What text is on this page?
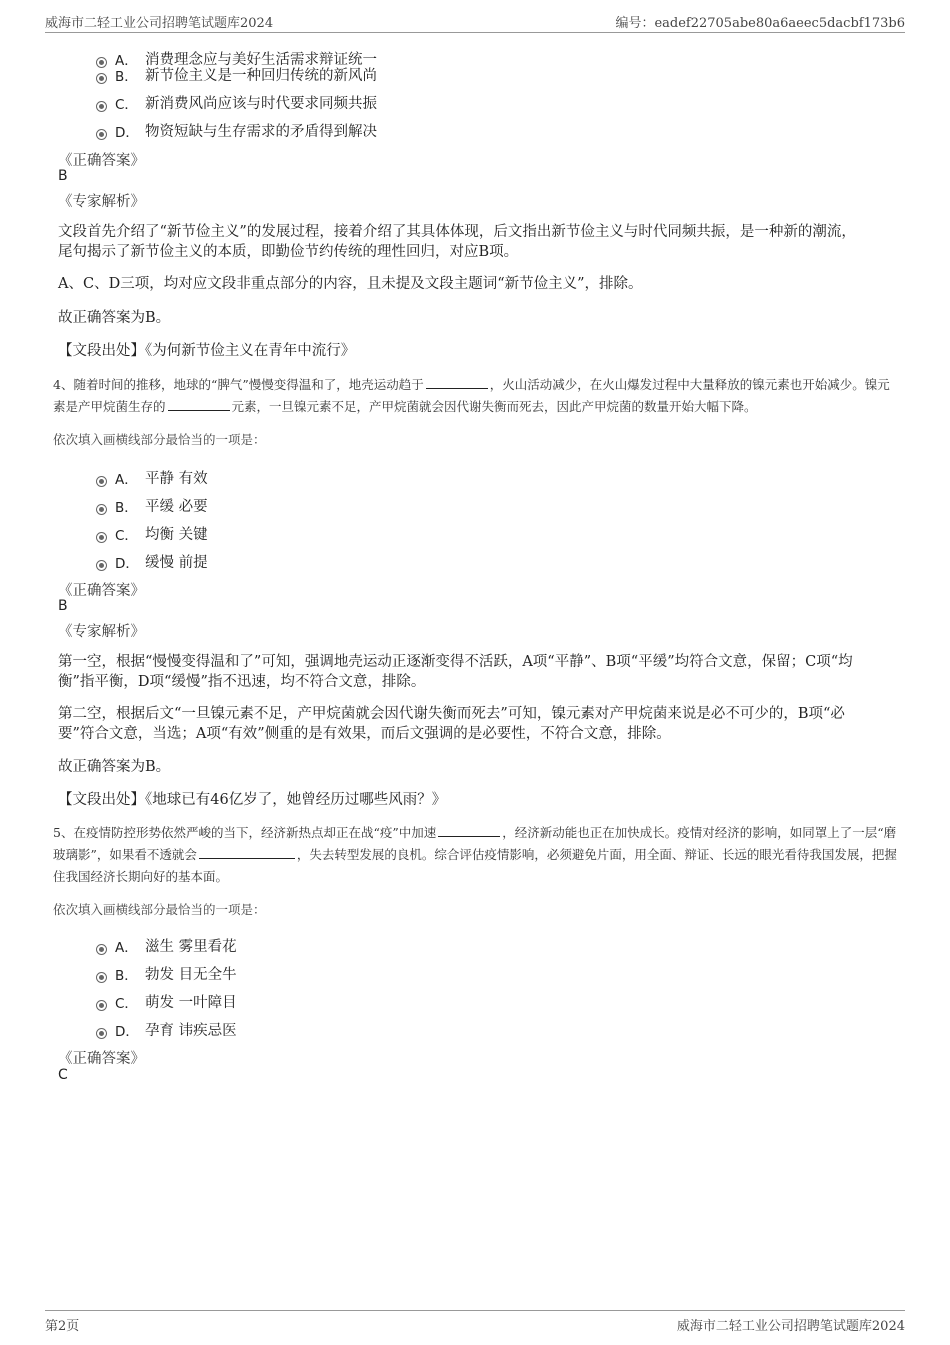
威海市二轻工业公司招聘笔试题库2024	编号：eadef22705abe80a6aeec5dacbf173b6
A． 消费理念应与美好生活需求辩证统一
B． 新节俭主义是一种回归传统的新风尚
C． 新消费风尚应该与时代要求同频共振
D． 物资短缺与生存需求的矛盾得到解决
《正确答案》
B
《专家解析》
文段首先介绍了“新节俭主义”的发展过程，接着介绍了其具体体现，后文指出新节俭主义与时代同频共振，是一种新的潮流，尾句揭示了新节俭主义的本质，即勤俭节约传统的理性回归，对应B项。
A、C、D三项，均对应文段非重点部分的内容，且未提及文段主题词“新节俭主义”，排除。
故正确答案为B。
【文段出处】《为何新节俭主义在青年中流行》
4、随着时间的推移，地球的“脾气”慢慢变得温和了，地壳运动趋于	，火山活动减少，在火山爆发过程中大量释放的镍元素也开始减少。镍元素是产甲烷菌生存的	元素，一旦镍元素不足，产甲烷菌就会因代谢失衡而死去，因此产甲烷菌的数量开始大幅下降。
依次填入画横线部分最恰当的一项是：
A． 平静 有效
B． 平缓 必要
C． 均衡 关键
D． 缓慢 前提
《正确答案》
B
《专家解析》
第一空，根据“慢慢变得温和了”可知，强调地壳运动正逐渐变得不活跃，A项“平静”、B项“平缓”均符合文意，保留；C项“均衡”指平衡，D项“缓慢”指不迅速，均不符合文意，排除。
第二空，根据后文“一旦镍元素不足，产甲烷菌就会因代谢失衡而死去”可知，镍元素对产甲烷菌来说是必不可少的，B项“必要”符合文意，当选；A项“有效”侧重的是有效果，而后文强调的是必要性，不符合文意，排除。
故正确答案为B。
【文段出处】《地球已有46亿岁了，她曾经历过哪些风雨？》
5、在疫情防控形势依然严峻的当下，经济新热点却正在战“疫”中加速	，经济新动能也正在加快成长。疫情对经济的影响，如同罩上了一层“磨玻璃影”，如果看不透就会	，失去转型发展的良机。综合评估疫情影响，必须避免片面，用全面、辩证、长远的眼光看待我国发展，把握住我国经济长期向好的基本面。
依次填入画横线部分最恰当的一项是：
A． 滋生 雾里看花
B． 勃发 目无全牛
C． 萌发 一叶障目
D． 孕育 讳疾忌医
《正确答案》
C
第2页	威海市二轻工业公司招聘笔试题库2024
